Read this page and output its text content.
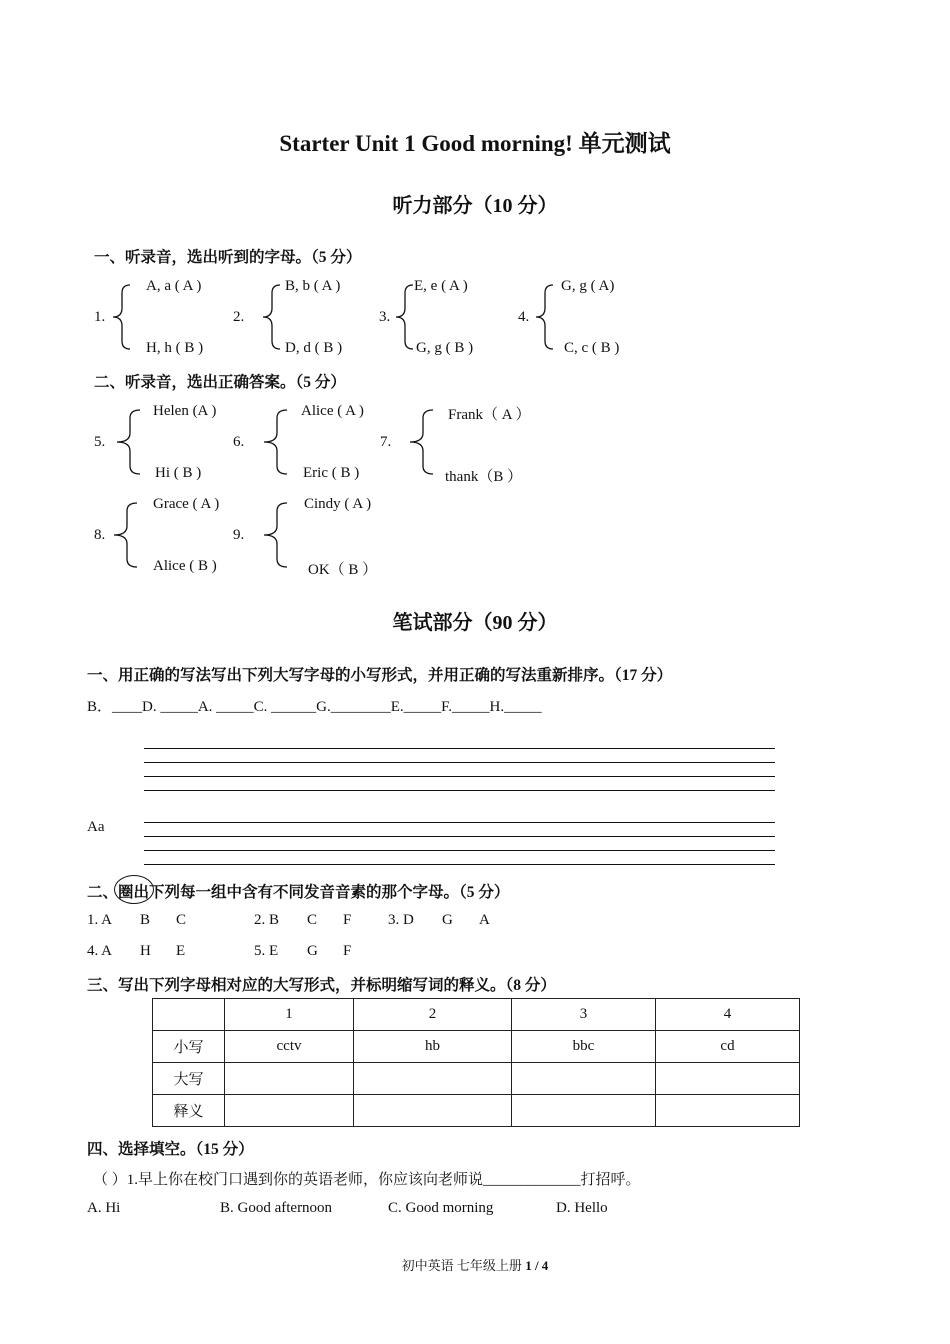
Starter Unit 1 Good morning! 单元测试
听力部分（10 分）
一、听录音，选出听到的字母。（5 分）
1.
A, a ( A )
H, h ( B )
2.
B, b ( A )
D, d ( B )
3.
E, e ( A )
G, g ( B )
4.
G, g ( A)
C, c ( B )
二、听录音，选出正确答案。（5 分）
5.
Helen (A )
Hi ( B )
6.
Alice ( A )
Eric ( B )
7.
Frank（ A ）
thank（B ）
8.
Grace ( A )
Alice ( B )
9.
Cindy ( A )
OK（ B ）
笔试部分（90 分）
一、用正确的写法写出下列大写字母的小写形式，并用正确的写法重新排序。（17 分）
B．____D. _____A. _____C. ______G.________E._____F._____H._____
Aa
二、圈出
下列每一组中含有不同发音音素的那个字母。（5 分）
1. A B C	2. B C F 3. D G A
4. A H E	5. E G F
三、写出下列字母相对应的大写形式，并标明缩写词的释义。（8 分）
	1	2	3	4
小写	cctv	hb	bbc	cd
大写				
释义				
四、选择填空。（15 分）
（ ）1.早上你在校门口遇到你的英语老师，你应该向老师说_____________打招呼。
A. Hi	B. Good afternoon	C. Good morning	D. Hello
初中英语 七年级上册 1 / 4
